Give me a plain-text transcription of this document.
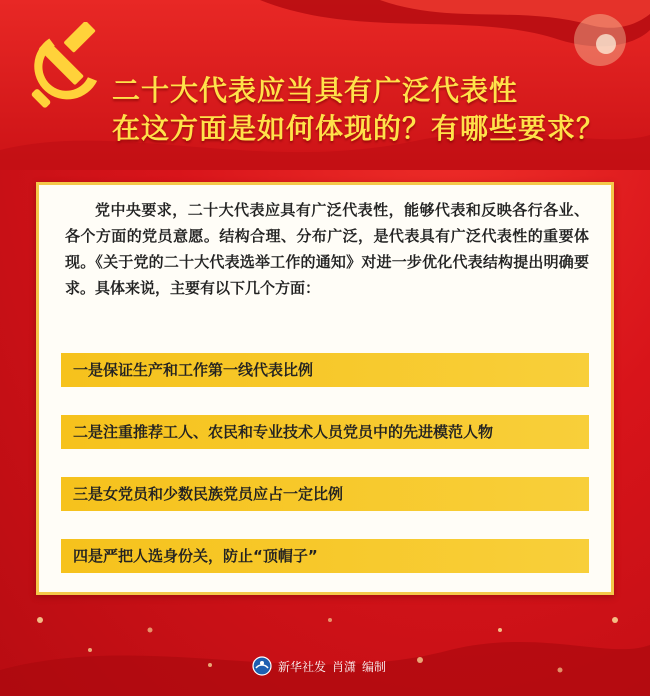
二十大代表应当具有广泛代表性
在这方面是如何体现的？有哪些要求？

党中央要求，二十大代表应具有广泛代表性，能够代表和反映各行各业、各个方面的党员意愿。结构合理、分布广泛，是代表具有广泛代表性的重要体现。《关于党的二十大代表选举工作的通知》对进一步优化代表结构提出明确要求。具体来说，主要有以下几个方面：

一是保证生产和工作第一线代表比例
二是注重推荐工人、农民和专业技术人员党员中的先进模范人物
三是女党员和少数民族党员应占一定比例
四是严把人选身份关，防止“顶帽子”
新华社发 肖潇 编制
